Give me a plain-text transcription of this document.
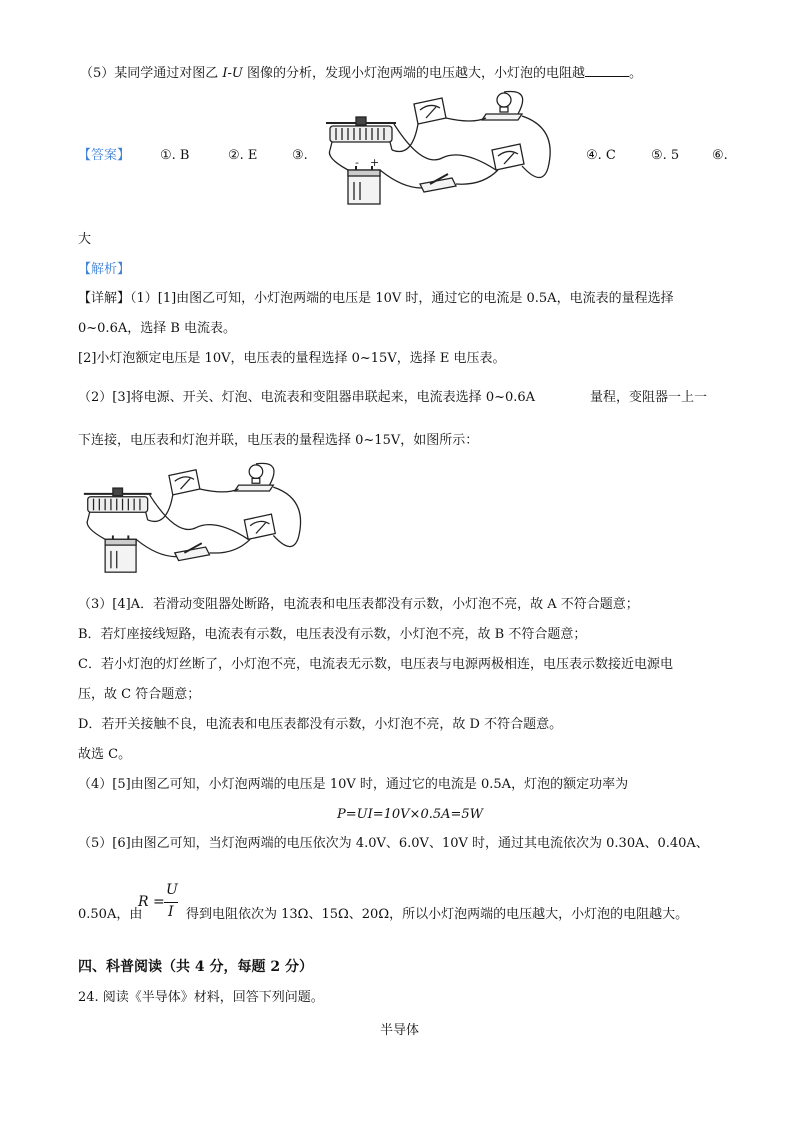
（5）某同学通过对图乙 I-U 图像的分析，发现小灯泡两端的电压越大，小灯泡的电阻越	。
【答案】 ①. B	②. E	③.	④. C	⑤. 5	⑥.
大
- +
【解析】
【详解】（1）[1]由图乙可知，小灯泡两端的电压是 10V 时，通过它的电流是 0.5A，电流表的量程选择
0~0.6A，选择 B 电流表。
[2]小灯泡额定电压是 10V，电压表的量程选择 0~15V，选择 E 电压表。
（2）[3]将电源、开关、灯泡、电流表和变阻器串联起来，电流表选择 0~0.6A	量程，变阻器一上一
下连接，电压表和灯泡并联，电压表的量程选择 0~15V，如图所示：
（3）[4]A．若滑动变阻器处断路，电流表和电压表都没有示数，小灯泡不亮，故 A 不符合题意；
B．若灯座接线短路，电流表有示数，电压表没有示数，小灯泡不亮，故 B 不符合题意；
C．若小灯泡的灯丝断了，小灯泡不亮，电流表无示数，电压表与电源两极相连，电压表示数接近电源电
压，故 C 符合题意；
D．若开关接触不良，电流表和电压表都没有示数，小灯泡不亮，故 D 不符合题意。
故选 C。
（4）[5]由图乙可知，小灯泡两端的电压是 10V 时，通过它的电流是 0.5A，灯泡的额定功率为
P=UI=10V×0.5A=5W
（5）[6]由图乙可知，当灯泡两端的电压依次为 4.0V、6.0V、10V 时，通过其电流依次为 0.30A、0.40A、
0.50A，由
R =
U
I 得到电阻依次为 13Ω、15Ω、20Ω，所以小灯泡两端的电压越大，小灯泡的电阻越大。
四、科普阅读（共 4 分，每题 2 分）
24. 阅读《半导体》材料，回答下列问题。
半导体
